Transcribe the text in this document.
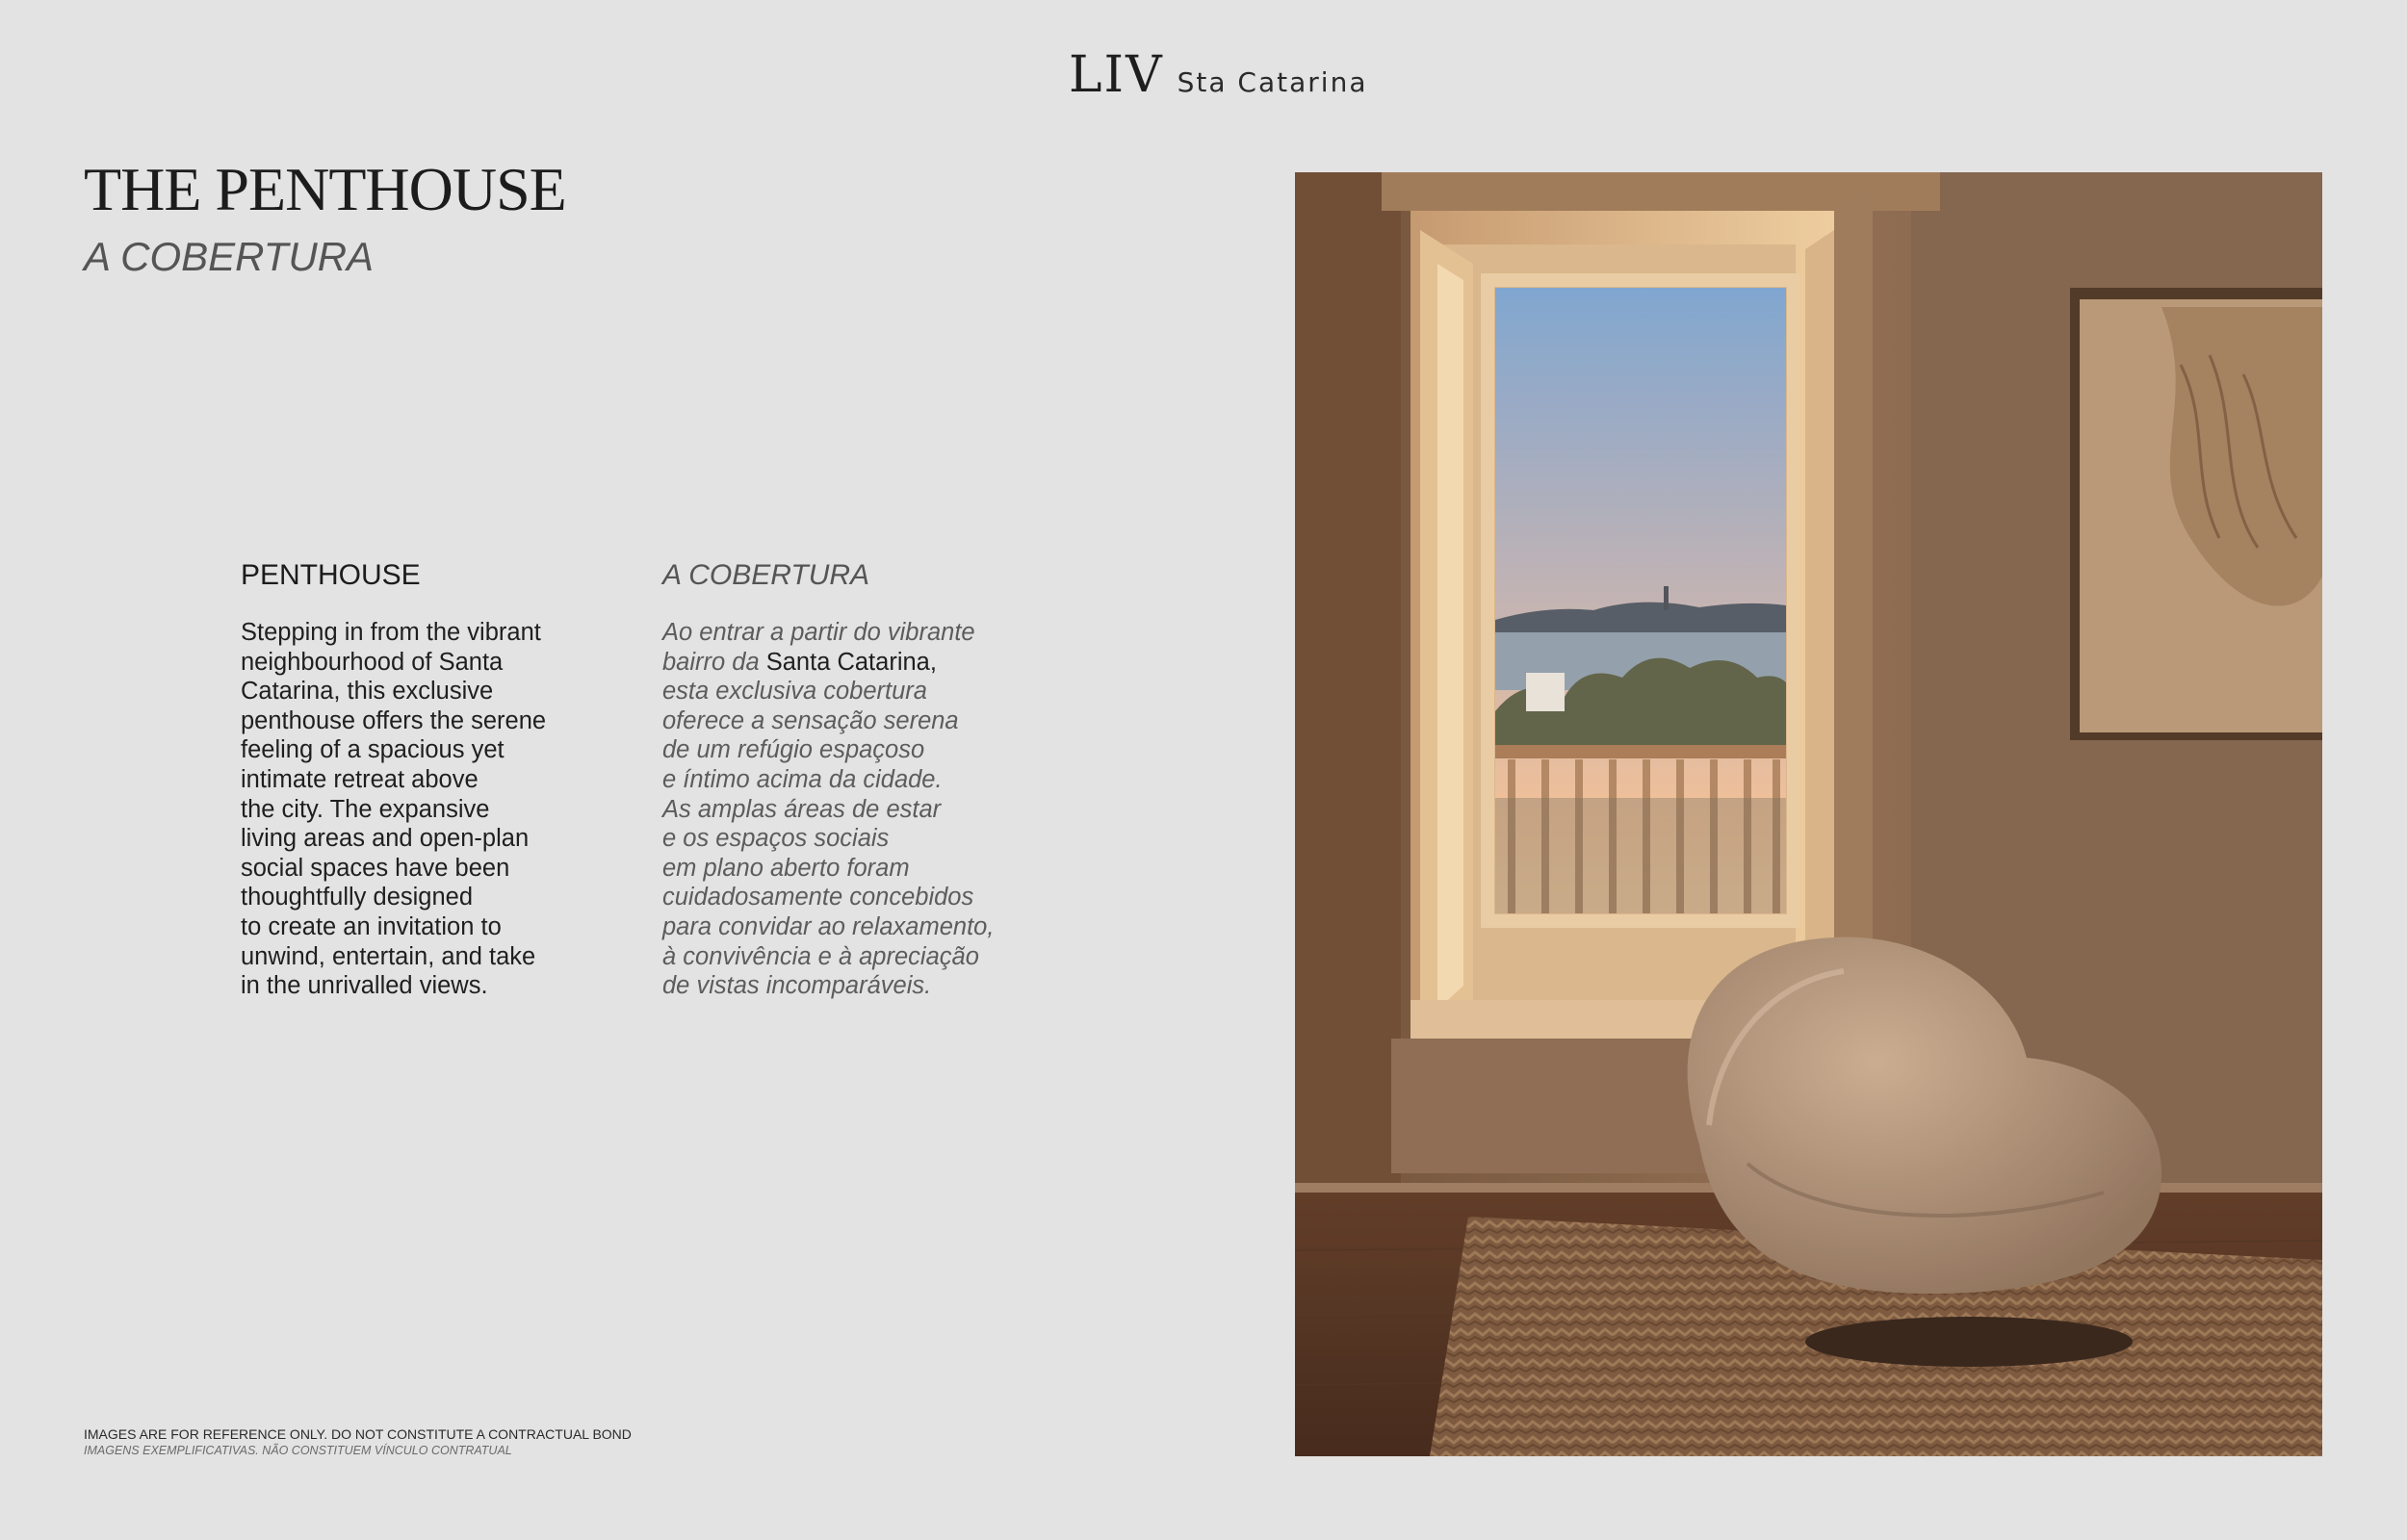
LIV Sta Catarina
THE PENTHOUSE
A COBERTURA
PENTHOUSE
Stepping in from the vibrant
neighbourhood of Santa
Catarina, this exclusive
penthouse offers the serene
feeling of a spacious yet
intimate retreat above
the city. The expansive
living areas and open-plan
social spaces have been
thoughtfully designed
to create an invitation to
unwind, entertain, and take
in the unrivalled views.
A COBERTURA
Ao entrar a partir do vibrante
bairro da Santa Catarina,
esta exclusiva cobertura
oferece a sensação serena
de um refúgio espaçoso
e íntimo acima da cidade.
As amplas áreas de estar
e os espaços sociais
em plano aberto foram
cuidadosamente concebidos
para convidar ao relaxamento,
à convivência e à apreciação
de vistas incomparáveis.
IMAGES ARE FOR REFERENCE ONLY. DO NOT CONSTITUTE A CONTRACTUAL BOND
IMAGENS EXEMPLIFICATIVAS. NÃO CONSTITUEM VÍNCULO CONTRATUAL
